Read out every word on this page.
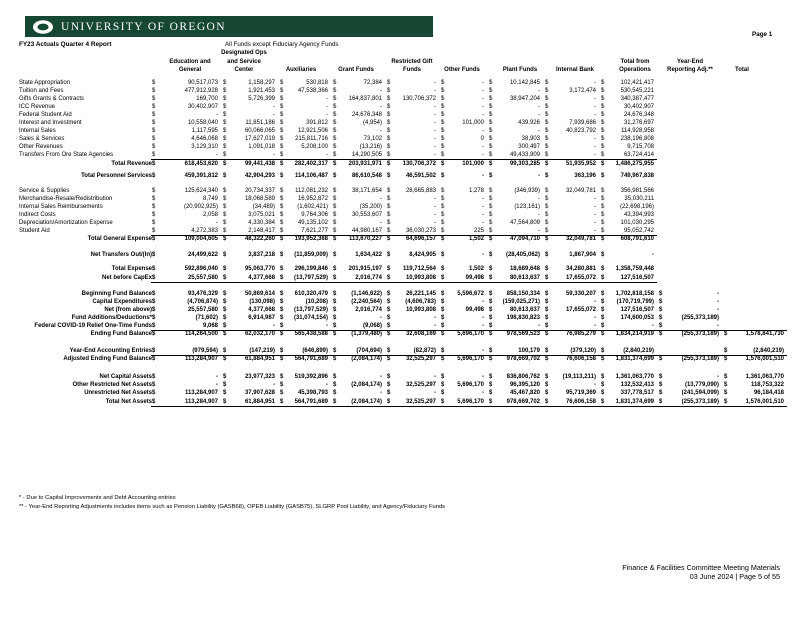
UNIVERSITY OF OREGON
FY23 Actuals Quarter 4 Report	All Funds except Fiduciary Agency Funds
Page 1
Education and
General
Designated Ops
and Service
Center	Auxiliaries	Grant Funds
Restricted Gift
Funds	Other Funds	Plant Funds	Internal Bank
Total from
Operations
Year-End
Reporting Adj.**	Total
State Appropriation	$	90,517,073 $	1,158,297 $	530,818 $	72,384 $	- $	- $	10,142,845 $	- $	102,421,417
Tuition and Fees	$	477,912,928 $	1,921,453 $ 47,538,366 $	- $	- $	- $	- $	3,172,474 $	530,545,221
Gifts Grants & Contracts	$	169,700 $	5,726,399 $	- $ 164,837,801 $ 130,706,372 $	- $	38,947,204 $	- $	340,387,477
ICC Revenue	$	30,402,907 $	- $	- $	- $	- $	- $	- $	- $	30,402,907
Federal Student Aid	$	- $	- $	- $	24,676,348 $	- $	- $	- $	- $	24,676,348
Interest and Investment	$	10,558,040 $	11,851,186 $	391,812 $	(4,954) $	- $	101,000 $	439,926 $	7,939,686 $	31,276,697
Internal Sales	$	1,117,595 $	60,066,065 $ 12,921,506 $	- $	- $	- $	- $	40,823,792 $	114,928,958
Sales & Services	$	4,646,068 $	17,627,019 $ 215,811,716 $	73,102 $	- $	0 $	38,903 $	- $	238,196,808
Other Revenues	$	3,129,310 $	1,091,018 $	5,208,100 $	(13,216) $	- $	- $	300,497 $	- $	9,715,708
Transfers From Ore State Agencies	$	- $	- $	- $	14,290,505 $	- $	- $	49,433,909 $	- $	63,724,414
Total Revenue $	618,453,620 $	99,441,438 $ 282,402,317 $ 203,931,971 $ 130,706,372 $	101,000 $	99,303,285 $	51,935,952 $ 1,486,275,955
Total Personnel Services $	459,391,812 $	42,904,293 $ 114,106,487 $	86,610,548 $	46,591,502 $	- $	- $	363,196 $	749,967,838
Service & Supplies	$	125,624,340 $	20,734,337 $ 112,081,232 $	38,171,654 $	28,665,883 $	1,278 $	(346,939) $	32,049,781 $	356,981,566
Merchandise-Resale/Redistribution	$	8,749 $	18,068,589 $ 16,952,872 $	- $	- $	- $	- $	- $	35,030,211
Internal Sales Reimbursements	$	(20,902,925) $	(34,489) $ (1,602,421) $	(35,200) $	- $	- $	(123,161) $	- $	(22,698,196)
Indirect Costs	$	2,058 $	3,075,021 $	9,764,306 $	30,553,607 $	- $	- $	- $	- $	43,394,993
Depreciation/Amortization Expense	$	- $	4,330,384 $ 49,135,102 $	- $	- $	- $	47,564,809 $	- $	101,030,295
Student Aid	$	4,272,383 $	2,148,417 $	7,621,277 $	44,980,167 $	36,030,273 $	225 $	- $	- $	95,052,742
Total General Expense $	109,004,605 $	48,322,260 $ 193,952,368 $ 113,670,227 $	64,696,157 $	1,502 $	47,094,710 $	32,049,781 $	608,791,610
Net Transfers Out/(In) $	24,499,622 $	3,837,218 $ (11,859,009) $	1,634,422 $	8,424,905 $	- $ (28,405,062) $	1,867,904 $	-
Total Expense $	592,896,040 $	95,063,770 $ 296,199,846 $ 201,915,197 $ 119,712,564 $	1,502 $	18,689,648 $	34,280,881 $ 1,358,759,448
Net before CapEx $	25,557,580 $	4,377,668 $ (13,797,529) $	2,016,774 $	10,993,808 $	99,498 $	80,613,637 $	17,655,072 $	127,516,507
Beginning Fund Balance $	93,476,329 $	50,869,614 $ 610,320,479 $ (1,146,622) $	26,221,145 $ 5,596,672 $ 858,150,334 $	59,330,207 $ 1,702,818,158 $	-
Capital Expenditures $	(4,706,874) $	(130,098) $	(10,208) $ (2,240,564) $ (4,606,783) $	- $ (159,025,271) $	- $ (170,719,799) $	-
Net (from above) $	25,557,580 $	4,377,668 $ (13,797,529) $	2,016,774 $	10,993,808 $	99,498 $	80,613,637 $	17,655,072 $	127,516,507 $	-
Fund Additions/Deductions* $	(71,602) $	6,914,987 $ (31,074,154) $	- $	- $	- $ 198,830,823 $	- $	174,600,053 $	(255,373,189)
Federal COVID-19 Relief One-Time Funds $	9,068 $	- $	- $	(9,068) $	- $	- $	- $	- $	- $	-
Ending Fund Balance $	114,264,500 $	62,032,170 $ 565,438,588 $ (1,379,480) $	32,608,169 $ 5,696,170 $ 978,569,523 $	76,985,279 $ 1,834,214,919 $	(255,373,189) $	1,578,841,730
Year-End Accounting Entries $	(979,594) $	(147,219) $	(646,899) $	(704,694) $	(82,872) $	- $	100,179 $	(379,120) $	(2,840,219)	$	(2,840,219)
Adjusted Ending Fund Balance $	113,284,907 $	61,884,951 $ 564,791,689 $ (2,084,174) $	32,525,297 $ 5,696,170 $ 978,669,702 $	76,606,158 $ 1,831,374,699 $	(255,373,189) $	1,576,001,510
Net Capital Assets $	- $	23,977,323 $ 519,392,896 $	- $	- $	- $ 836,806,762 $ (19,113,211) $ 1,361,063,770 $	- $	1,361,063,770
Other Restricted Net Assets $	- $	- $	- $ (2,084,174) $	32,525,297 $ 5,696,170 $	96,395,120 $	- $	132,532,413 $	(13,779,090) $	118,753,322
Unrestricted Net Assets $	113,284,907 $	37,907,628 $ 45,398,793 $	- $	- $	- $	45,467,820 $	95,719,369 $	337,778,517 $	(241,594,099) $	96,184,418
Total Net Assets $	113,284,907 $	61,884,951 $ 564,791,689 $ (2,084,174) $	32,525,297 $ 5,696,170 $ 978,669,702 $	76,606,158 $ 1,831,374,699 $	(255,373,189) $	1,576,001,510
* - Due to Capital Improvements and Debt Accounting entries
** - Year-End Reporting Adjustments includes items such as Pension Liability (GASB68), OPEB Liability (GASB75), SLGRP Pool Liability, and Agency/Fiduciary Funds
Finance & Facilities Committee Meeting Materials
03 June 2024 | Page 5 of 55
